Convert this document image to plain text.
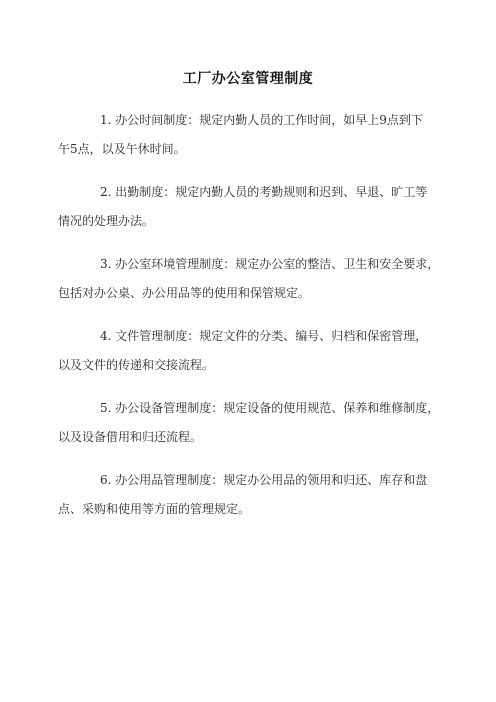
工厂办公室管理制度
1. 办公时间制度：规定内勤人员的工作时间，如早上9点到下
午5点，以及午休时间。
2. 出勤制度：规定内勤人员的考勤规则和迟到、早退、旷工等
情况的处理办法。
3. 办公室环境管理制度：规定办公室的整洁、卫生和安全要求，
包括对办公桌、办公用品等的使用和保管规定。
4. 文件管理制度：规定文件的分类、编号、归档和保密管理，
以及文件的传递和交接流程。
5. 办公设备管理制度：规定设备的使用规范、保养和维修制度，
以及设备借用和归还流程。
6. 办公用品管理制度：规定办公用品的领用和归还、库存和盘
点、采购和使用等方面的管理规定。
